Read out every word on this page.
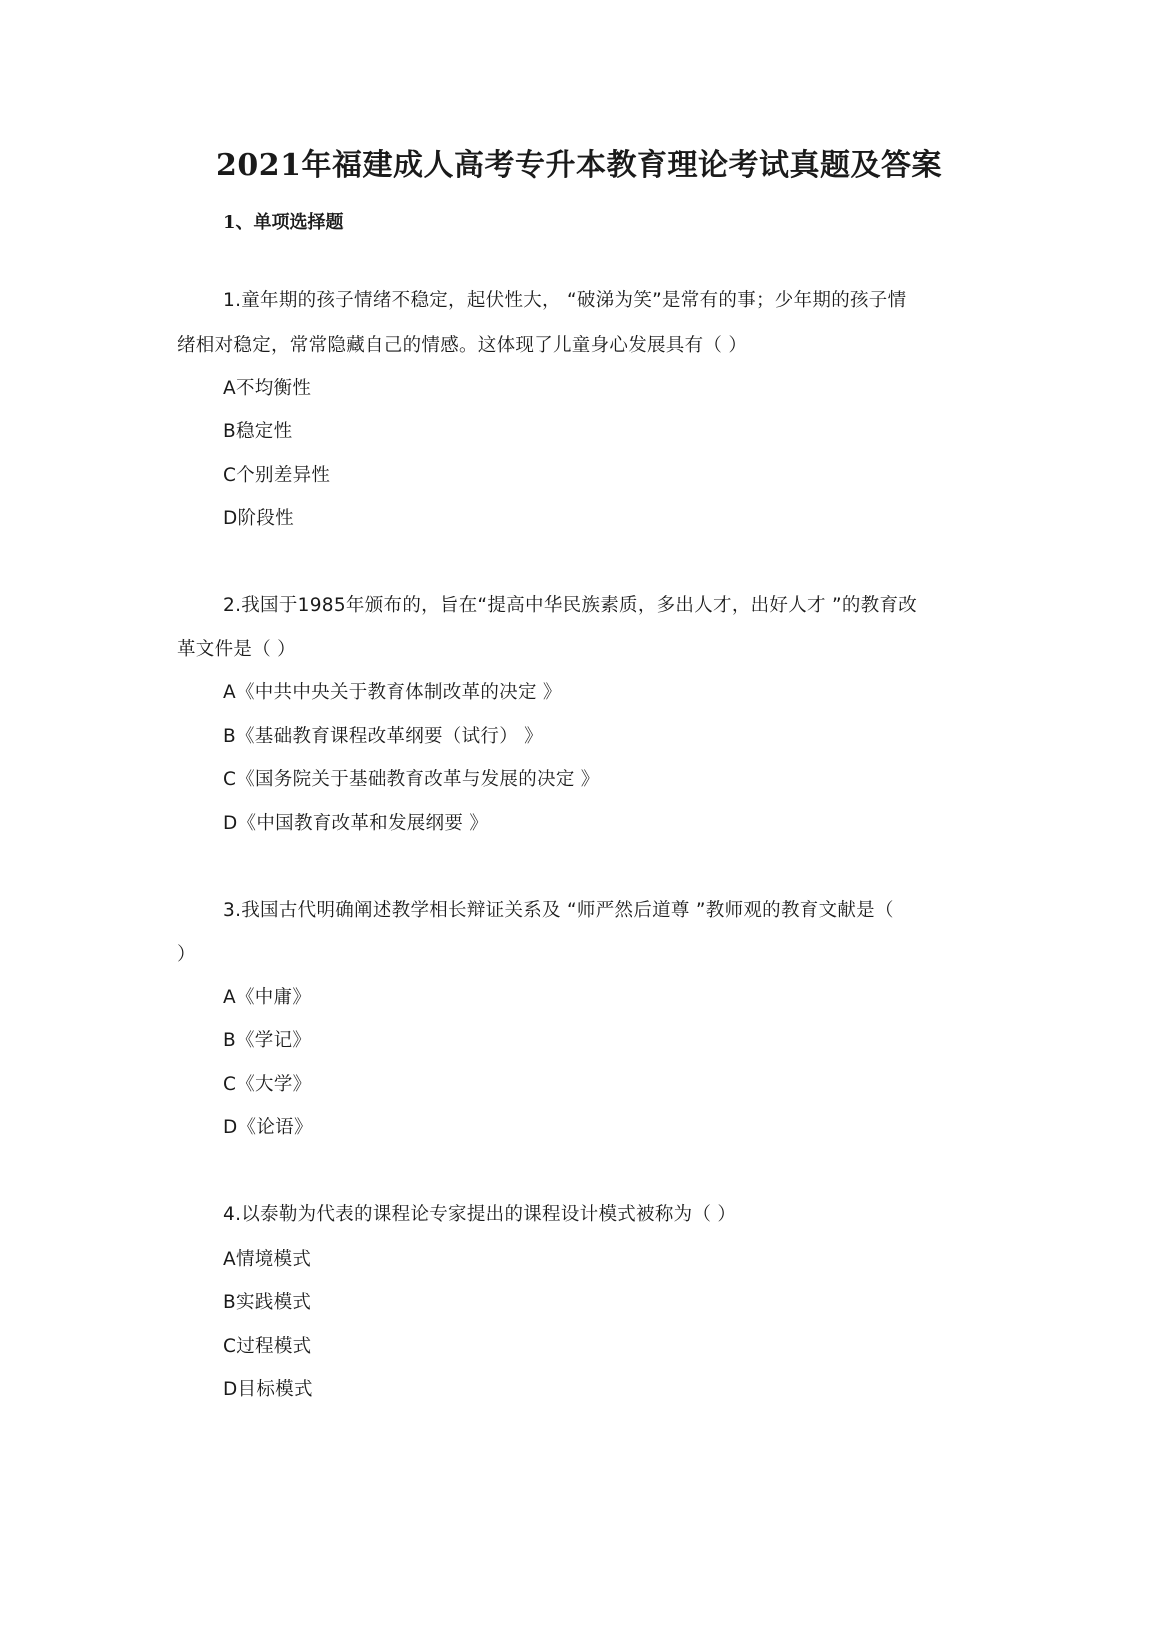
2021年福建成人高考专升本教育理论考试真题及答案
1、单项选择题
1.童年期的孩子情绪不稳定，起伏性大， “破涕为笑”是常有的事；少年期的孩子情
绪相对稳定，常常隐藏自己的情感。这体现了儿童身心发展具有（ ）
A不均衡性
B稳定性
C个别差异性
D阶段性
2.我国于1985年颁布的，旨在“提高中华民族素质，多出人才，出好人才 ”的教育改
革文件是（ ）
A《中共中央关于教育体制改革的决定 》
B《基础教育课程改革纲要（试行） 》
C《国务院关于基础教育改革与发展的决定 》
D《中国教育改革和发展纲要 》
3.我国古代明确阐述教学相长辩证关系及 “师严然后道尊 ”教师观的教育文献是（
）
A《中庸》
B《学记》
C《大学》
D《论语》
4.以泰勒为代表的课程论专家提出的课程设计模式被称为（ ）
A情境模式
B实践模式
C过程模式
D目标模式
